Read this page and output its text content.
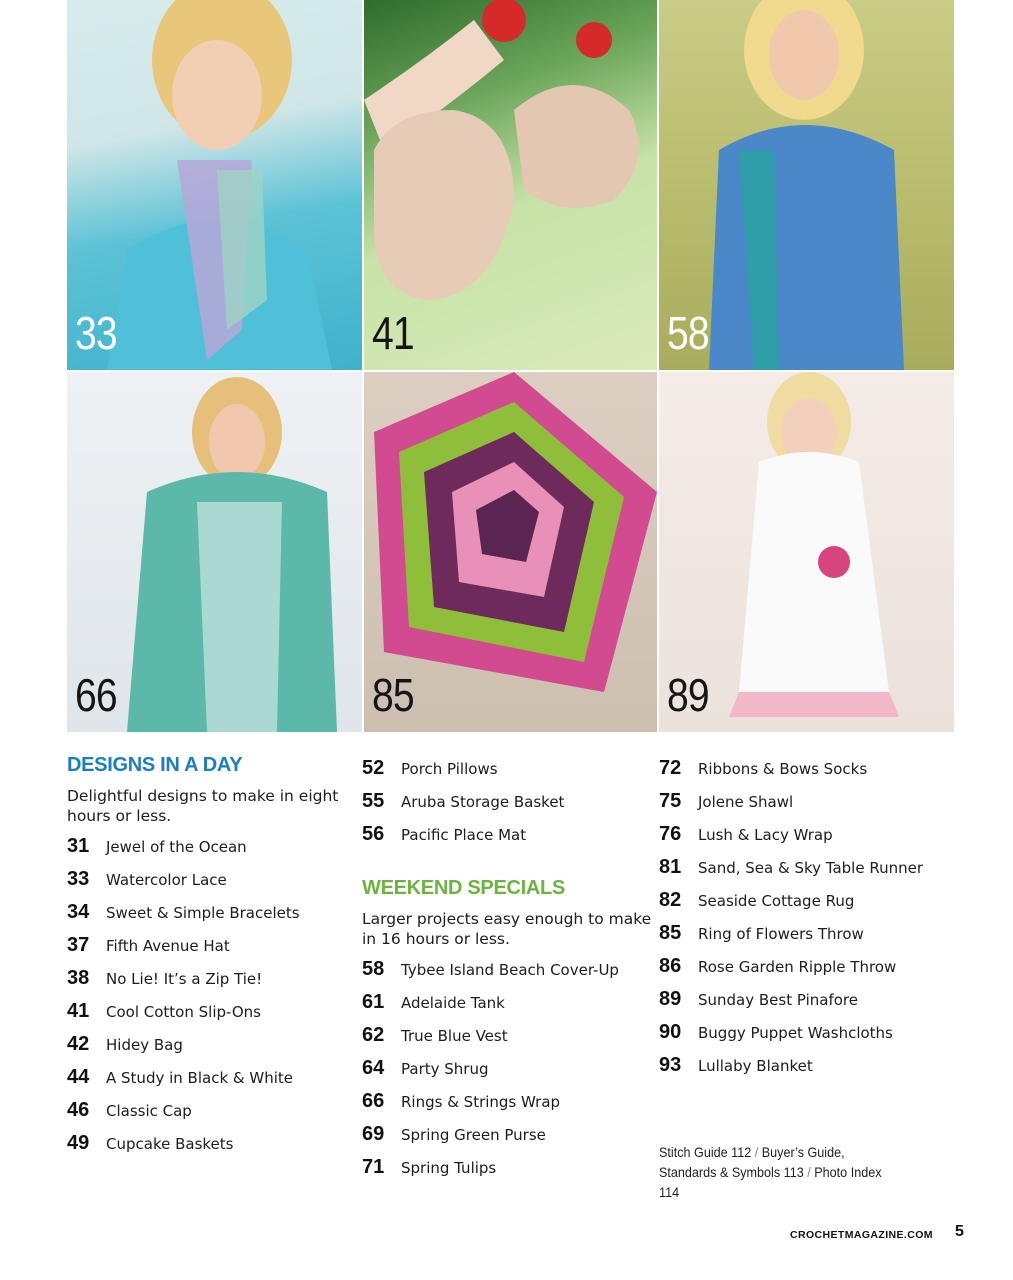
33	41	58
66	85	89
DESIGNS IN A DAY

Delightful designs to make in eight hours or less.

31	Jewel of the Ocean
33	Watercolor Lace
34	Sweet & Simple Bracelets
37	Fifth Avenue Hat
38	No Lie! It’s a Zip Tie!
41	Cool Cotton Slip-Ons
42	Hidey Bag
44	A Study in Black & White
46	Classic Cap
49	Cupcake Baskets
52	Porch Pillows
55	Aruba Storage Basket
56	Pacific Place Mat
WEEKEND SPECIALS

Larger projects easy enough to make in 16 hours or less.

58	Tybee Island Beach Cover-Up
61	Adelaide Tank
62	True Blue Vest
64	Party Shrug
66	Rings & Strings Wrap
69	Spring Green Purse
71	Spring Tulips
72	Ribbons & Bows Socks
75	Jolene Shawl
76	Lush & Lacy Wrap
81	Sand, Sea & Sky Table Runner
82	Seaside Cottage Rug
85	Ring of Flowers Throw
86	Rose Garden Ripple Throw
89	Sunday Best Pinafore
90	Buggy Puppet Washcloths
93	Lullaby Blanket
Stitch Guide 112 / Buyer’s Guide, Standards & Symbols 113 / Photo Index 114
CROCHETMAGAZINE.COM 5
